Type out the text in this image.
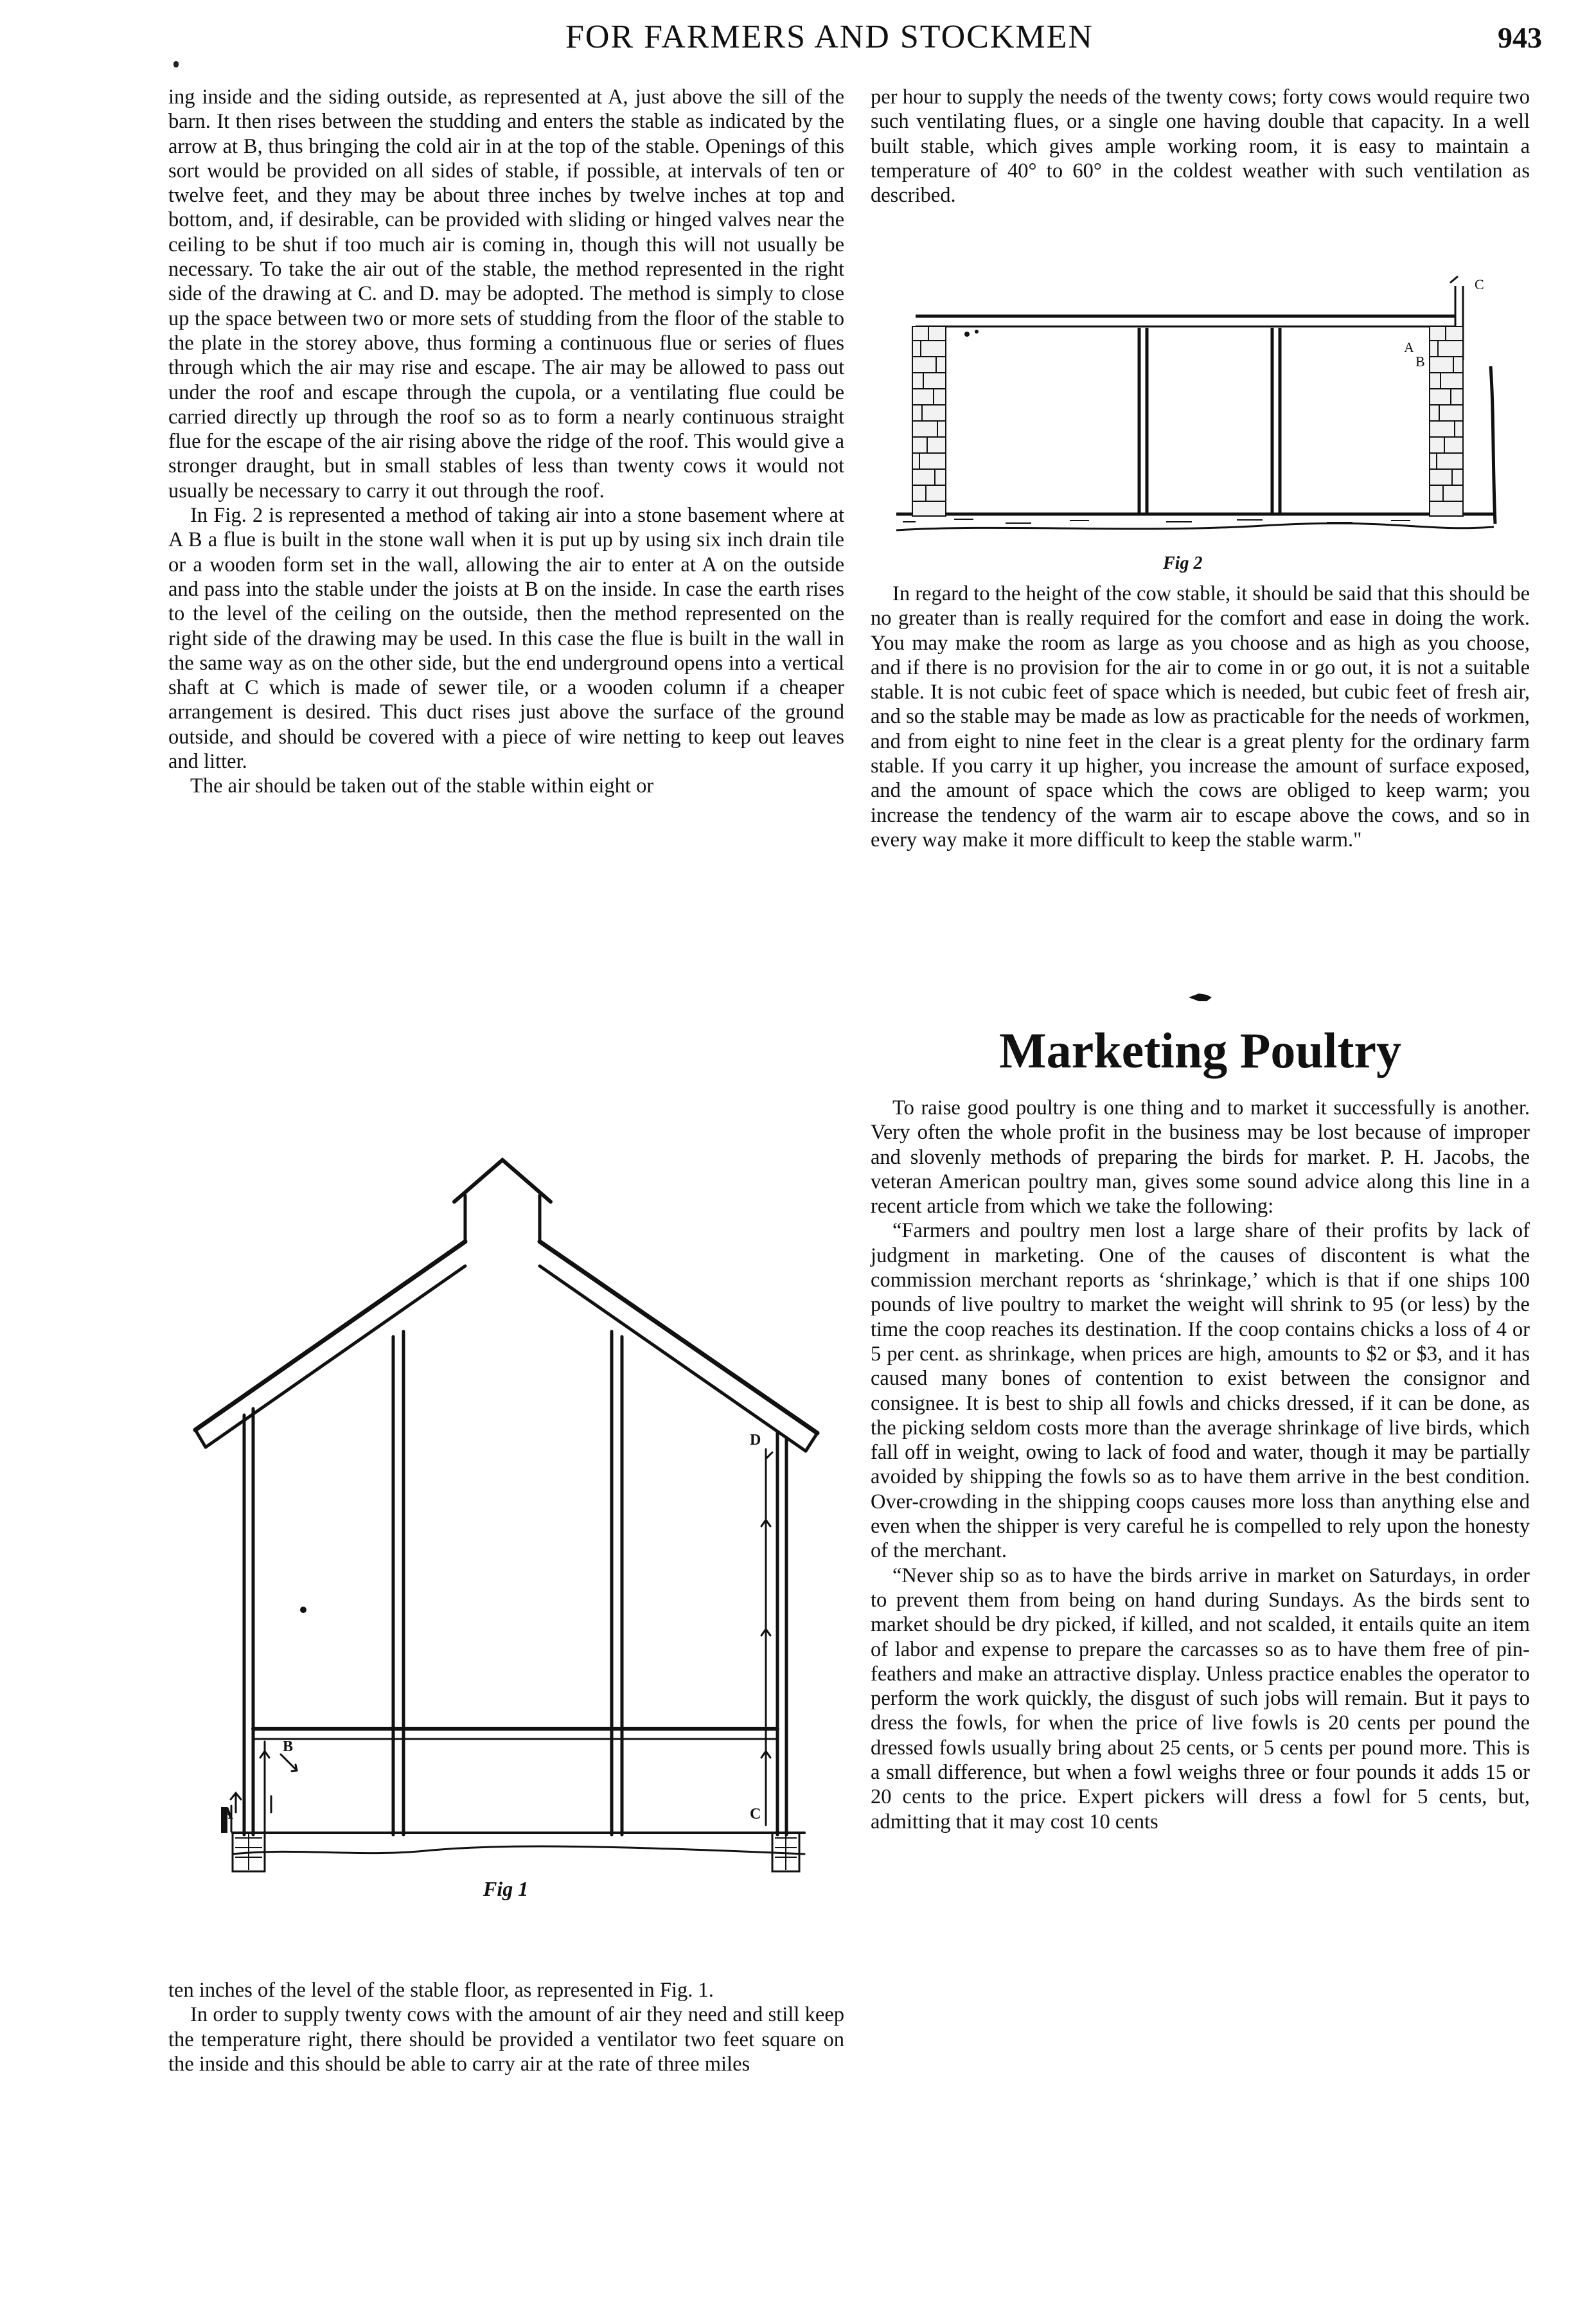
FOR FARMERS AND STOCKMEN	943

ing inside and the siding outside, as represented at A, just above the sill of the barn. It then rises between the studding and enters the stable as indicated by the arrow at B, thus bringing the cold air in at the top of the stable. Openings of this sort would be provided on all sides of stable, if possible, at intervals of ten or twelve feet, and they may be about three inches by twelve inches at top and bottom, and, if desirable, can be provided with sliding or hinged valves near the ceiling to be shut if too much air is coming in, though this will not usually be necessary. To take the air out of the stable, the method represented in the right side of the drawing at C. and D. may be adopted. The method is simply to close up the space between two or more sets of studding from the floor of the stable to the plate in the storey above, thus forming a continuous flue or series of flues through which the air may rise and escape. The air may be allowed to pass out under the roof and escape through the cupola, or a ventilating flue could be carried directly up through the roof so as to form a nearly continuous straight flue for the escape of the air rising above the ridge of the roof. This would give a stronger draught, but in small stables of less than twenty cows it would not usually be necessary to carry it out through the roof.

In Fig. 2 is represented a method of taking air into a stone basement where at A B a flue is built in the stone wall when it is put up by using six inch drain tile or a wooden form set in the wall, allowing the air to enter at A on the outside and pass into the stable under the joists at B on the inside. In case the earth rises to the level of the ceiling on the outside, then the method represented on the right side of the drawing may be used. In this case the flue is built in the wall in the same way as on the other side, but the end underground opens into a vertical shaft at C which is made of sewer tile, or a wooden column if a cheaper arrangement is desired. This duct rises just above the surface of the ground outside, and should be covered with a piece of wire netting to keep out leaves and litter.

The air should be taken out of the stable within eight or

A
B
C
D
Fig 1

ten inches of the level of the stable floor, as represented in Fig. 1.

In order to supply twenty cows with the amount of air they need and still keep the temperature right, there should be provided a ventilator two feet square on the inside and this should be able to carry air at the rate of three miles

per hour to supply the needs of the twenty cows; forty cows would require two such ventilating flues, or a single one having double that capacity. In a well built stable, which gives ample working room, it is easy to maintain a temperature of 40° to 60° in the coldest weather with such ventilation as described.

A
B
C
Fig 2

In regard to the height of the cow stable, it should be said that this should be no greater than is really required for the comfort and ease in doing the work. You may make the room as large as you choose and as high as you choose, and if there is no provision for the air to come in or go out, it is not a suitable stable. It is not cubic feet of space which is needed, but cubic feet of fresh air, and so the stable may be made as low as practicable for the needs of workmen, and from eight to nine feet in the clear is a great plenty for the ordinary farm stable. If you carry it up higher, you increase the amount of surface exposed, and the amount of space which the cows are obliged to keep warm; you increase the tendency of the warm air to escape above the cows, and so in every way make it more difficult to keep the stable warm."

Marketing Poultry

To raise good poultry is one thing and to market it successfully is another. Very often the whole profit in the business may be lost because of improper and slovenly methods of preparing the birds for market. P. H. Jacobs, the veteran American poultry man, gives some sound advice along this line in a recent article from which we take the following:

“Farmers and poultry men lost a large share of their profits by lack of judgment in marketing. One of the causes of discontent is what the commission merchant reports as ‘shrinkage,’ which is that if one ships 100 pounds of live poultry to market the weight will shrink to 95 (or less) by the time the coop reaches its destination. If the coop contains chicks a loss of 4 or 5 per cent. as shrinkage, when prices are high, amounts to $2 or $3, and it has caused many bones of contention to exist between the consignor and consignee. It is best to ship all fowls and chicks dressed, if it can be done, as the picking seldom costs more than the average shrinkage of live birds, which fall off in weight, owing to lack of food and water, though it may be partially avoided by shipping the fowls so as to have them arrive in the best condition. Over-crowding in the shipping coops causes more loss than anything else and even when the shipper is very careful he is compelled to rely upon the honesty of the merchant.

“Never ship so as to have the birds arrive in market on Saturdays, in order to prevent them from being on hand during Sundays. As the birds sent to market should be dry picked, if killed, and not scalded, it entails quite an item of labor and expense to prepare the carcasses so as to have them free of pin-feathers and make an attractive display. Unless practice enables the operator to perform the work quickly, the disgust of such jobs will remain. But it pays to dress the fowls, for when the price of live fowls is 20 cents per pound the dressed fowls usually bring about 25 cents, or 5 cents per pound more. This is a small difference, but when a fowl weighs three or four pounds it adds 15 or 20 cents to the price. Expert pickers will dress a fowl for 5 cents, but, admitting that it may cost 10 cents
